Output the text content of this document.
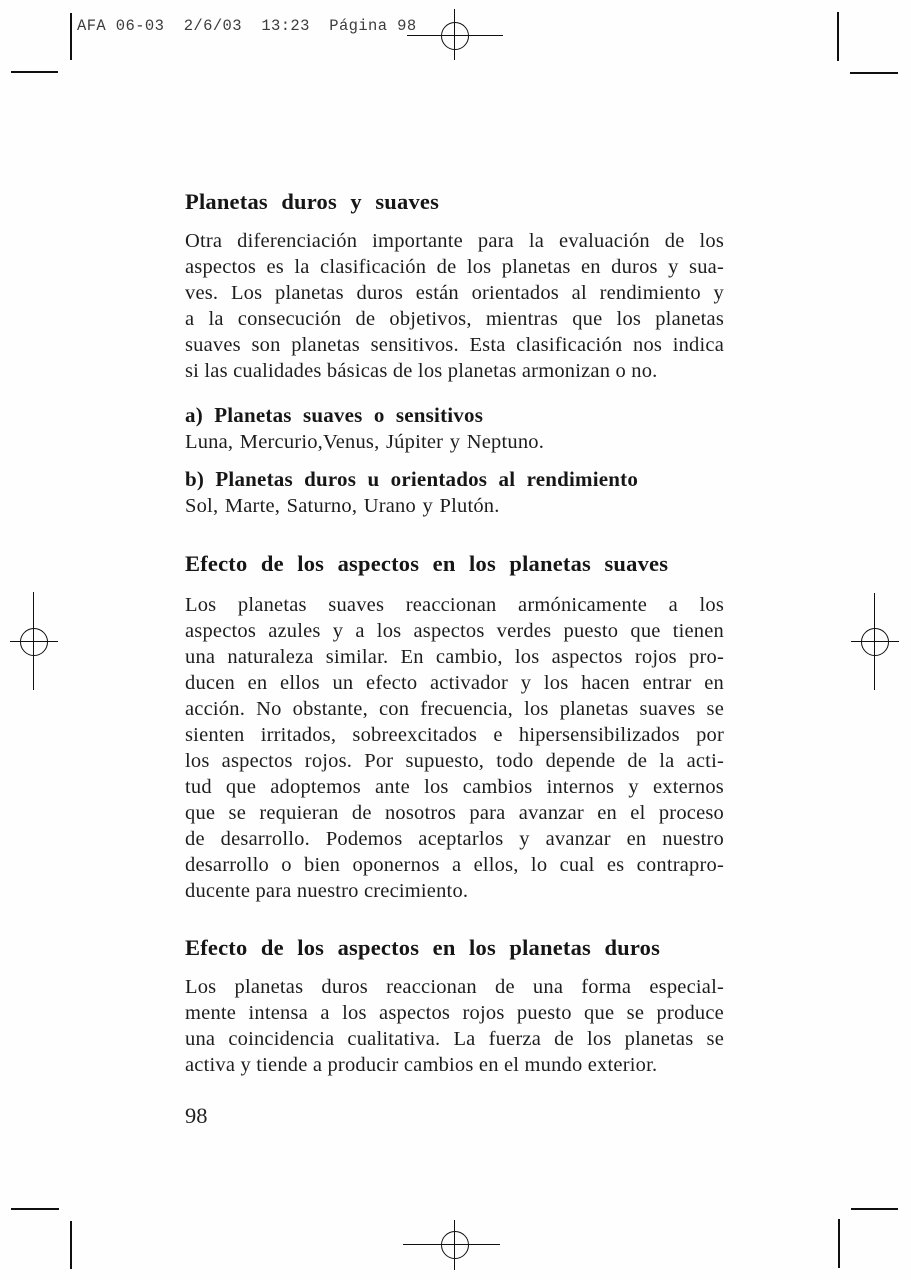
AFA 06-03  2/6/03  13:23  Página 98
Planetas duros y suaves
Otra diferenciación importante para la evaluación de los
aspectos es la clasificación de los planetas en duros y sua-
ves. Los planetas duros están orientados al rendimiento y
a la consecución de objetivos, mientras que los planetas
suaves son planetas sensitivos. Esta clasificación nos indica
si las cualidades básicas de los planetas armonizan o no.
a) Planetas suaves o sensitivos
Luna, Mercurio,Venus, Júpiter y Neptuno.
b) Planetas duros u orientados al rendimiento
Sol, Marte, Saturno, Urano y Plutón.
Efecto de los aspectos en los planetas suaves
Los planetas suaves reaccionan armónicamente a los
aspectos azules y a los aspectos verdes puesto que tienen
una naturaleza similar. En cambio, los aspectos rojos pro-
ducen en ellos un efecto activador y los hacen entrar en
acción. No obstante, con frecuencia, los planetas suaves se
sienten irritados, sobreexcitados e hipersensibilizados por
los aspectos rojos. Por supuesto, todo depende de la acti-
tud que adoptemos ante los cambios internos y externos
que se requieran de nosotros para avanzar en el proceso
de desarrollo. Podemos aceptarlos y avanzar en nuestro
desarrollo o bien oponernos a ellos, lo cual es contrapro-
ducente para nuestro crecimiento.
Efecto de los aspectos en los planetas duros
Los planetas duros reaccionan de una forma especial-
mente intensa a los aspectos rojos puesto que se produce
una coincidencia cualitativa. La fuerza de los planetas se
activa y tiende a producir cambios en el mundo exterior.
98
